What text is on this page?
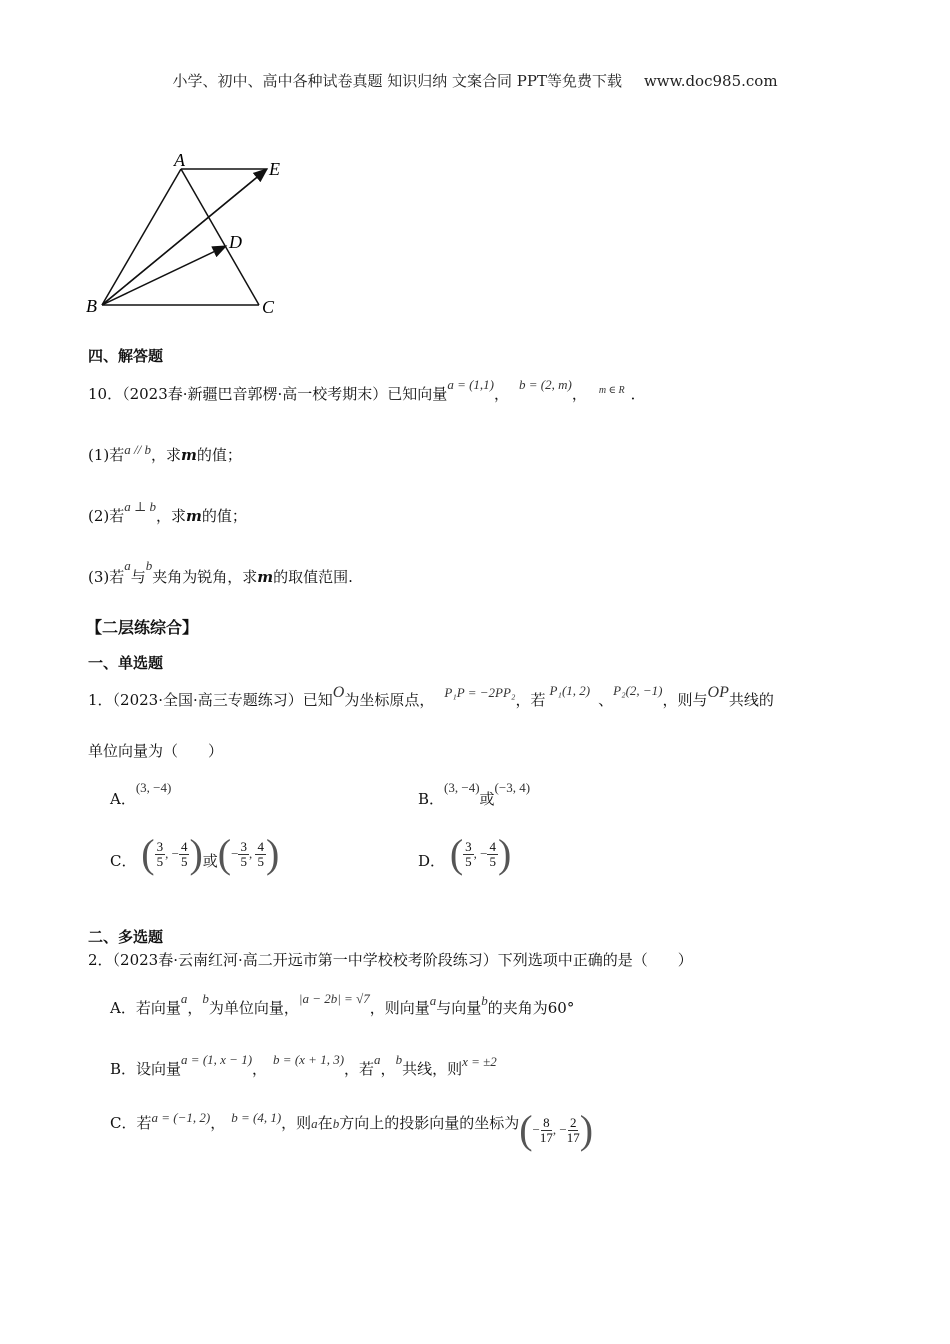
小学、初中、高中各种试卷真题 知识归纳 文案合同 PPT等免费下载 www.doc985.com
A	E
D
B	C
四、解答题
10．（2023春·新疆巴音郭楞·高一校考期末）已知向量a = (1,1)，b = (2, m)， $^{m \in R}$ ．
(1)若a // b，求m的值；
(2)若a ⊥ b，求m的值；
(3)若a与b夹角为锐角，求m的取值范围.
【二层练综合】
一、单选题
1．（2023·全国·高三专题练习）已知O为坐标原点， P₁P = −2PP₂，若P₁(1, 2)、P₂(2, −1)，则与OP共线的
单位向量为（　　）
A．(3, −4)
B．(3, −4)或(−3, 4)
C． ( $\frac{3}{5}$ , − $\frac{4}{5}$ )或(− $\frac{3}{5}$ , $\frac{4}{5}$ )	D． ( $\frac{3}{5}$ , − $\frac{4}{5}$ )
二、多选题
2．（2023春·云南红河·高二开远市第一中学校校考阶段练习）下列选项中正确的是（　　）
A．若向量a，b为单位向量，|a − 2b| = √7，则向量a与向量b的夹角为60°
B．设向量a = (1, x − 1)，b = (x + 1, 3)，若a，b共线，则x = ±2
C．若a = (−1, 2)， b = (4, 1)，则a在b方向上的投影向量的坐标为(− $\frac{8}{17}$ , − $\frac{2}{17}$ )
